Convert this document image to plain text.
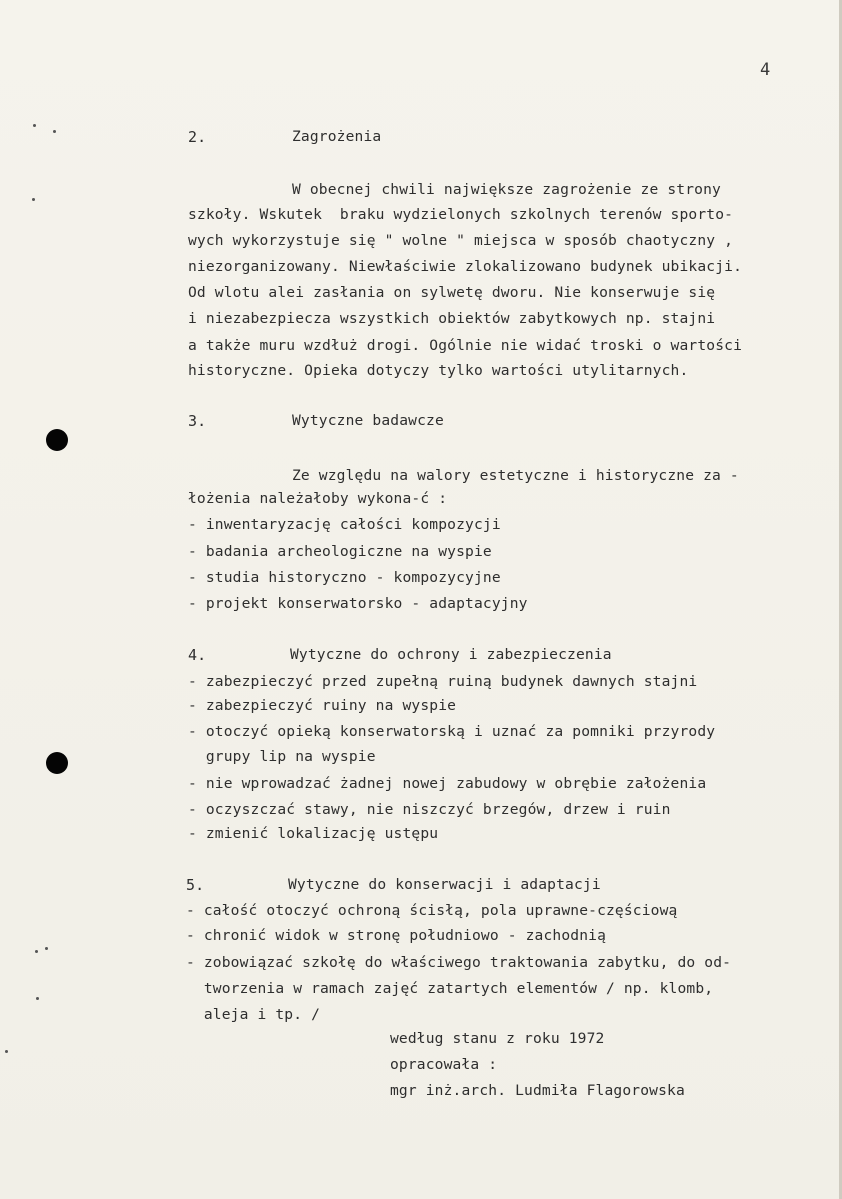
4
2.	Zagrożenia
W obecnej chwili największe zagrożenie ze strony
szkoły. Wskutek  braku wydzielonych szkolnych terenów sporto-
wych wykorzystuje się " wolne " miejsca w sposób chaotyczny ,
niezorganizowany. Niewłaściwie zlokalizowano budynek ubikacji.
Od wlotu alei zasłania on sylwetę dworu. Nie konserwuje się
i niezabezpiecza wszystkich obiektów zabytkowych np. stajni
a także muru wzdłuż drogi. Ogólnie nie widać troski o wartości
historyczne. Opieka dotyczy tylko wartości utylitarnych.
3.	Wytyczne badawcze
Ze względu na walory estetyczne i historyczne za -
łożenia należałoby wykona-ć :
- inwentaryzację całości kompozycji
- badania archeologiczne na wyspie
- studia historyczno - kompozycyjne
- projekt konserwatorsko - adaptacyjny
4.	Wytyczne do ochrony i zabezpieczenia
- zabezpieczyć przed zupełną ruiną budynek dawnych stajni
- zabezpieczyć ruiny na wyspie
- otoczyć opieką konserwatorską i uznać za pomniki przyrody
grupy lip na wyspie
- nie wprowadzać żadnej nowej zabudowy w obrębie założenia
- oczyszczać stawy, nie niszczyć brzegów, drzew i ruin
- zmienić lokalizację ustępu
5.	Wytyczne do konserwacji i adaptacji
- całość otoczyć ochroną ścisłą, pola uprawne-częściową
- chronić widok w stronę południowo - zachodnią
- zobowiązać szkołę do właściwego traktowania zabytku, do od-
tworzenia w ramach zajęć zatartych elementów / np. klomb,
aleja i tp. /
według stanu z roku 1972
opracowała :
mgr inż.arch. Ludmiła Flagorowska
